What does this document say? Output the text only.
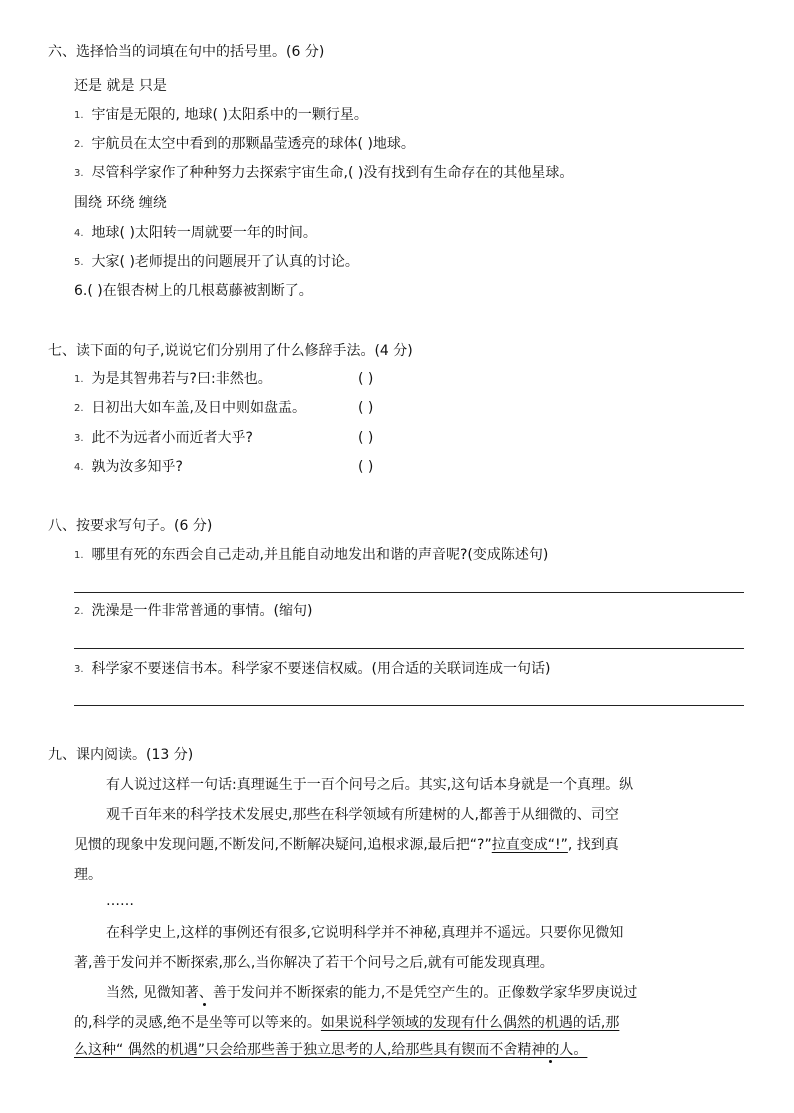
六、选择恰当的词填在句中的括号里。(6 分)
还是 就是 只是
1. 宇宙是无限的, 地球( )太阳系中的一颗行星。
2. 宇航员在太空中看到的那颗晶莹透亮的球体( )地球。
3. 尽管科学家作了种种努力去探索宇宙生命,( )没有找到有生命存在的其他星球。
围绕 环绕 缠绕
4. 地球( )太阳转一周就要一年的时间。
5. 大家( )老师提出的问题展开了认真的讨论。
6.( )在银杏树上的几根葛藤被割断了。
七、读下面的句子,说说它们分别用了什么修辞手法。(4 分)
1. 为是其智弗若与?曰:非然也。	( )
2. 日初出大如车盖,及日中则如盘盂。	( )
3. 此不为远者小而近者大乎?	( )
4. 孰为汝多知乎?	( )
八、按要求写句子。(6 分)
1. 哪里有死的东西会自己走动,并且能自动地发出和谐的声音呢?(变成陈述句)
2. 洗澡是一件非常普通的事情。(缩句)
3. 科学家不要迷信书本。科学家不要迷信权威。(用合适的关联词连成一句话)
九、课内阅读。(13 分)
有人说过这样一句话:真理诞生于一百个问号之后。其实,这句话本身就是一个真理。纵
观千百年来的科学技术发展史,那些在科学领域有所建树的人,都善于从细微的、司空
见惯的现象中发现问题,不断发问,不断解决疑问,追根求源,最后把“?”拉直变成“!”, 找到真
理。
……
在科学史上,这样的事例还有很多,它说明科学并不神秘,真理并不遥远。只要你见微知
著,善于发问并不断探索,那么,当你解决了若干个问号之后,就有可能发现真理。
当然, 见微知著、善于发问并不断探索的能力,不是凭空产生的。正像数学家华罗庚说过
的,科学的灵感,绝不是坐等可以等来的。如果说科学领域的发现有什么偶然的机遇的话,那
么这种“ 偶然的机遇”只会给那些善于独立思考的人,给那些具有锲而不舍精神的人。
